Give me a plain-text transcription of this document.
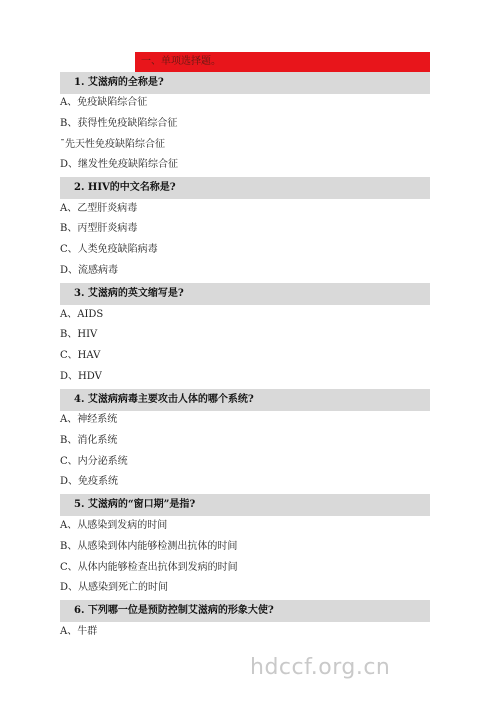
一、单项选择题。
1. 艾滋病的全称是?
A、免疫缺陷综合征
B、获得性免疫缺陷综合征
¯先天性免疫缺陷综合征
D、继发性免疫缺陷综合征
2. HIV的中文名称是?
A、乙型肝炎病毒
B、丙型肝炎病毒
C、人类免疫缺陷病毒
D、流感病毒
3. 艾滋病的英文缩写是?
A、AIDS
B、HIV
C、HAV
D、HDV
4. 艾滋病病毒主要攻击人体的哪个系统?
A、神经系统
B、消化系统
C、内分泌系统
D、免疫系统
5. 艾滋病的“窗口期”是指?
A、从感染到发病的时间
B、从感染到体内能够检测出抗体的时间
C、从体内能够检查出抗体到发病的时间
D、从感染到死亡的时间
6. 下列哪一位是预防控制艾滋病的形象大使?
A、牛群
hdccf.org.cn
